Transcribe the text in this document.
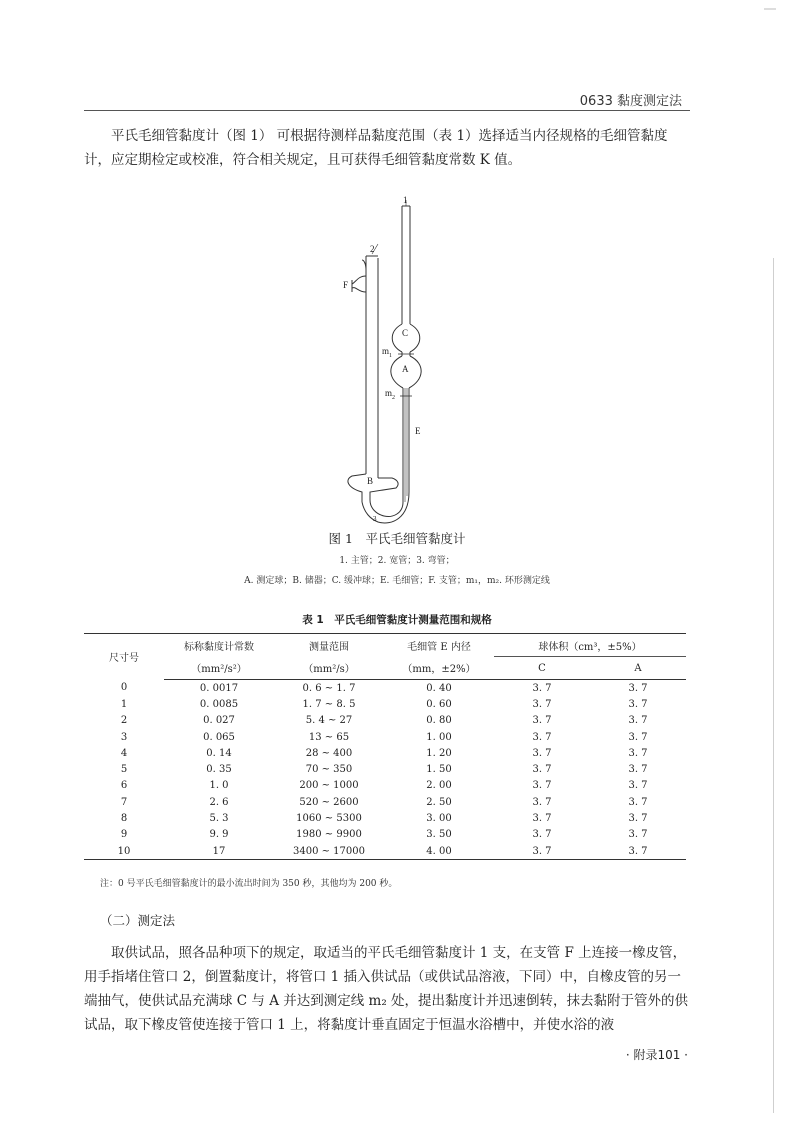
0633 黏度测定法

平氏毛细管黏度计（图 1） 可根据待测样品黏度范围（表 1）选择适当内径规格的毛细管黏度计，应定期检定或校准，符合相关规定，且可获得毛细管黏度常数 K 值。

1
2
F
C
m 1
A
m 2
E
B
3
图 1　平氏毛细管黏度计
1. 主管；2. 宽管；3. 弯管；
A. 测定球；B. 储器；C. 缓冲球；E. 毛细管；F. 支管；m₁，m₂. 环形测定线
表 1　平氏毛细管黏度计测量范围和规格
尺寸号	标称黏度计常数	测量范围	毛细管 E 内径	球体积（cm³，±5%）	
	（mm²/s²）	（mm²/s）	（mm，±2%）	C	A
0	0. 0017	0. 6 ~ 1. 7	0. 40	3. 7	3. 7
1	0. 0085	1. 7 ~ 8. 5	0. 60	3. 7	3. 7
2	0. 027	5. 4 ~ 27	0. 80	3. 7	3. 7
3	0. 065	13 ~ 65	1. 00	3. 7	3. 7
4	0. 14	28 ~ 400	1. 20	3. 7	3. 7
5	0. 35	70 ~ 350	1. 50	3. 7	3. 7
6	1. 0	200 ~ 1000	2. 00	3. 7	3. 7
7	2. 6	520 ~ 2600	2. 50	3. 7	3. 7
8	5. 3	1060 ~ 5300	3. 00	3. 7	3. 7
9	9. 9	1980 ~ 9900	3. 50	3. 7	3. 7
10	17	3400 ~ 17000	4. 00	3. 7	3. 7
注：0 号平氏毛细管黏度计的最小流出时间为 350 秒，其他均为 200 秒。
（二）测定法

取供试品，照各品种项下的规定，取适当的平氏毛细管黏度计 1 支，在支管 F 上连接一橡皮管，用手指堵住管口 2，倒置黏度计，将管口 1 插入供试品（或供试品溶液，下同）中，自橡皮管的另一端抽气，使供试品充满球 C 与 A 并达到测定线 m₂ 处，提出黏度计并迅速倒转，抹去黏附于管外的供试品，取下橡皮管使连接于管口 1 上，将黏度计垂直固定于恒温水浴槽中，并使水浴的液

· 附录101 ·
